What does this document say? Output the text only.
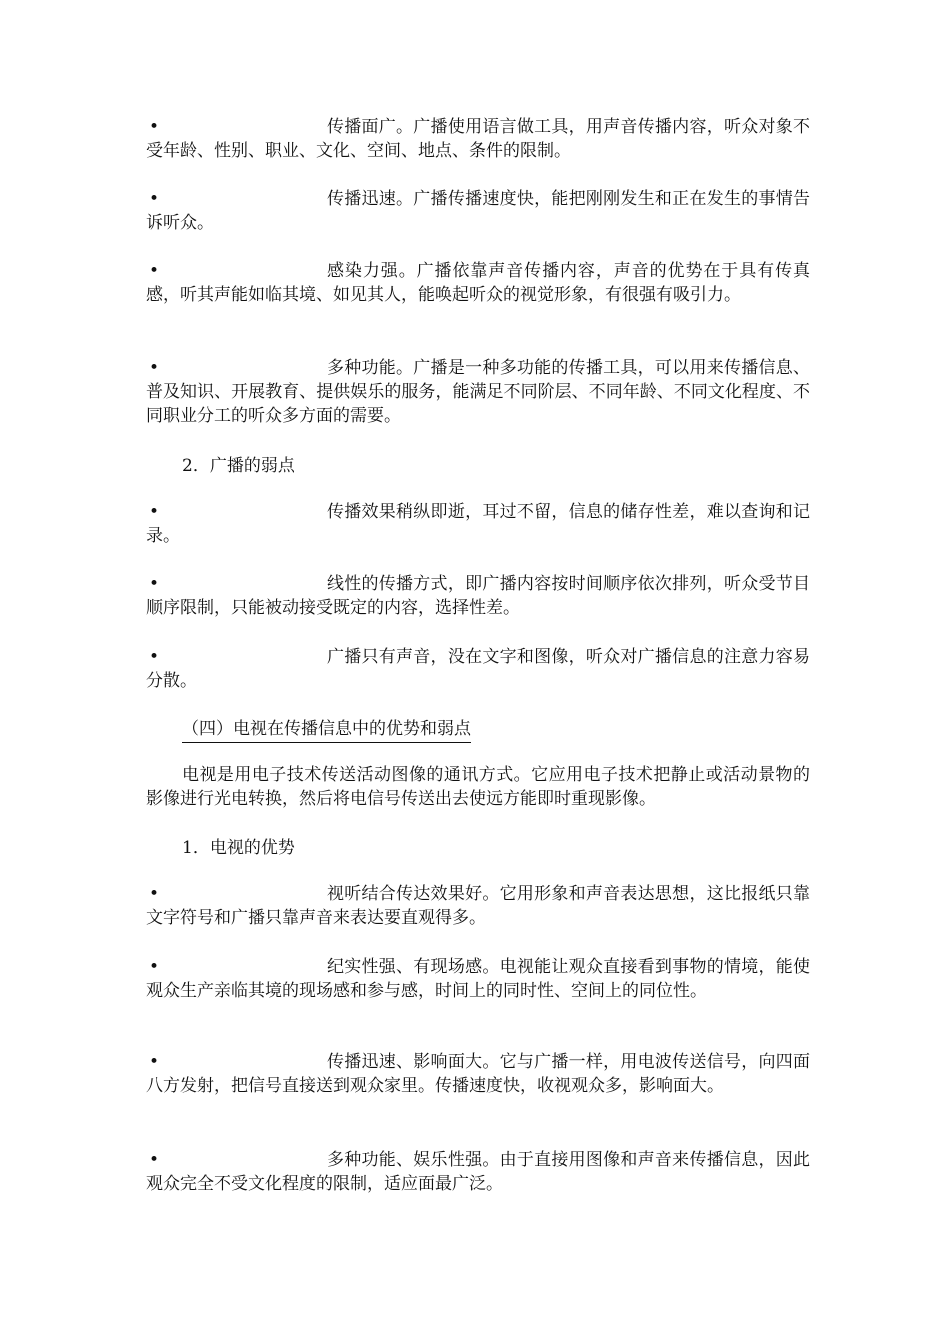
•	传播面广。广播使用语言做工具，用声音传播内容，听众对象不受年龄、性别、职业、文化、空间、地点、条件的限制。
•	传播迅速。广播传播速度快，能把刚刚发生和正在发生的事情告诉听众。
•	感染力强。广播依靠声音传播内容，声音的优势在于具有传真感，听其声能如临其境、如见其人，能唤起听众的视觉形象，有很强有吸引力。
•	多种功能。广播是一种多功能的传播工具，可以用来传播信息、普及知识、开展教育、提供娱乐的服务，能满足不同阶层、不同年龄、不同文化程度、不同职业分工的听众多方面的需要。

2．广播的弱点

•	传播效果稍纵即逝，耳过不留，信息的储存性差，难以查询和记录。
•	线性的传播方式，即广播内容按时间顺序依次排列，听众受节目顺序限制，只能被动接受既定的内容，选择性差。
•	广播只有声音，没在文字和图像，听众对广播信息的注意力容易分散。

（四）电视在传播信息中的优势和弱点

电视是用电子技术传送活动图像的通讯方式。它应用电子技术把静止或活动景物的影像进行光电转换，然后将电信号传送出去使远方能即时重现影像。

1．电视的优势

•	视听结合传达效果好。它用形象和声音表达思想，这比报纸只靠文字符号和广播只靠声音来表达要直观得多。
•	纪实性强、有现场感。电视能让观众直接看到事物的情境，能使观众生产亲临其境的现场感和参与感，时间上的同时性、空间上的同位性。
•	传播迅速、影响面大。它与广播一样，用电波传送信号，向四面八方发射，把信号直接送到观众家里。传播速度快，收视观众多，影响面大。
•	多种功能、娱乐性强。由于直接用图像和声音来传播信息，因此观众完全不受文化程度的限制，适应面最广泛。
